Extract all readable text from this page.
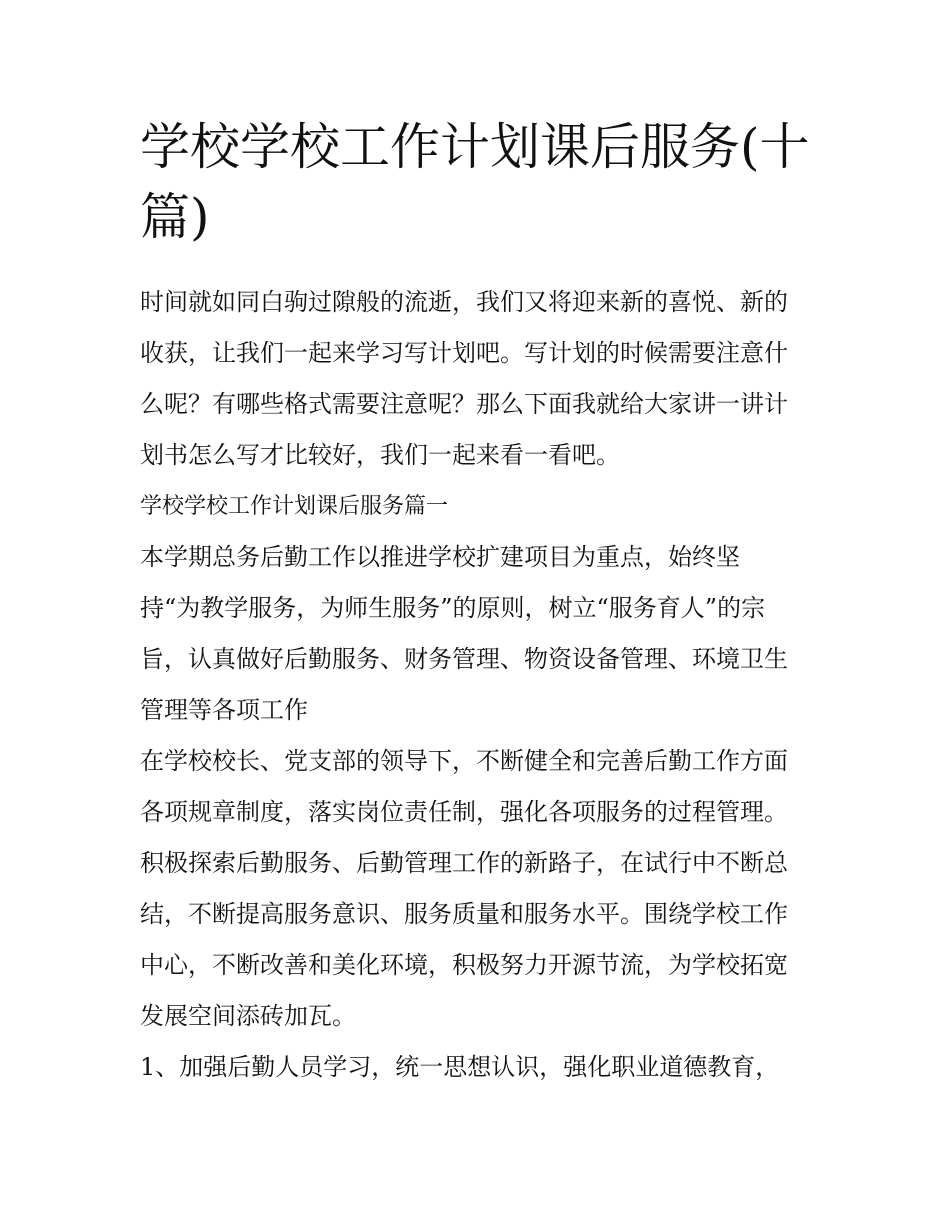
学校学校工作计划课后服务(十
篇)
时间就如同白驹过隙般的流逝，我们又将迎来新的喜悦、新的
收获，让我们一起来学习写计划吧。写计划的时候需要注意什
么呢？有哪些格式需要注意呢？那么下面我就给大家讲一讲计
划书怎么写才比较好，我们一起来看一看吧。
学校学校工作计划课后服务篇一
本学期总务后勤工作以推进学校扩建项目为重点，始终坚
持“为教学服务，为师生服务”的原则，树立“服务育人”的宗
旨，认真做好后勤服务、财务管理、物资设备管理、环境卫生
管理等各项工作
在学校校长、党支部的领导下，不断健全和完善后勤工作方面
各项规章制度，落实岗位责任制，强化各项服务的过程管理。
积极探索后勤服务、后勤管理工作的新路子，在试行中不断总
结，不断提高服务意识、服务质量和服务水平。围绕学校工作
中心，不断改善和美化环境，积极努力开源节流，为学校拓宽
发展空间添砖加瓦。
1、加强后勤人员学习，统一思想认识，强化职业道德教育，
